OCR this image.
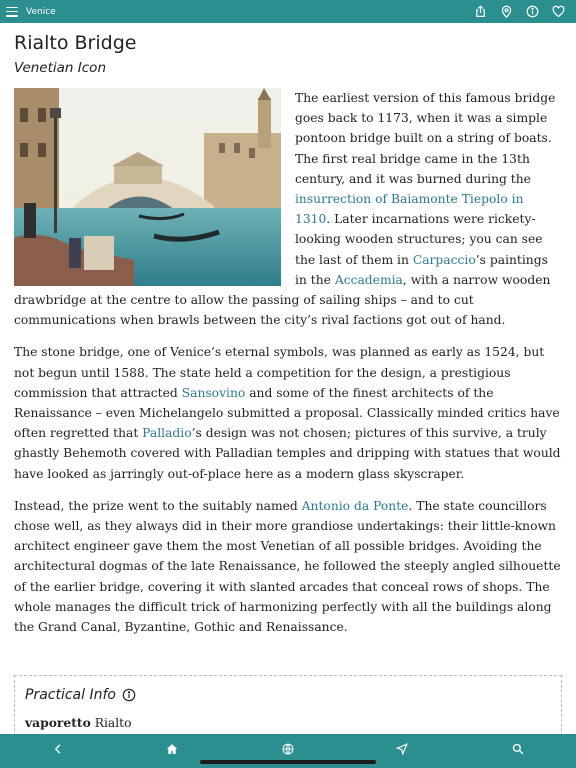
Venice
Rialto Bridge
Venetian Icon

The earliest version of this famous bridge goes back to 1173, when it was a simple pontoon bridge built on a string of boats. The first real bridge came in the 13th century, and it was burned during the insurrection of Baiamonte Tiepolo in 1310. Later incarnations were rickety-looking wooden structures; you can see the last of them in Carpaccio’s paintings in the Accademia, with a narrow wooden drawbridge at the centre to allow the passing of sailing ships – and to cut communications when brawls between the city’s rival factions got out of hand.

The stone bridge, one of Venice’s eternal symbols, was planned as early as 1524, but not begun until 1588. The state held a competition for the design, a prestigious commission that attracted Sansovino and some of the finest architects of the Renaissance – even Michelangelo submitted a proposal. Classically minded critics have often regretted that Palladio’s design was not chosen; pictures of this survive, a truly ghastly Behemoth covered with Palladian temples and dripping with statues that would have looked as jarringly out-of-place here as a modern glass skyscraper.

Instead, the prize went to the suitably named Antonio da Ponte. The state councillors chose well, as they always did in their more grandiose undertakings: their little-known architect engineer gave them the most Venetian of all possible bridges. Avoiding the architectural dogmas of the late Renaissance, he followed the steeply angled silhouette of the earlier bridge, covering it with slanted arcades that conceal rows of shops. The whole manages the difficult trick of harmonizing perfectly with all the buildings along the Grand Canal, Byzantine, Gothic and Renaissance.

Practical Info
vaporetto Rialto
